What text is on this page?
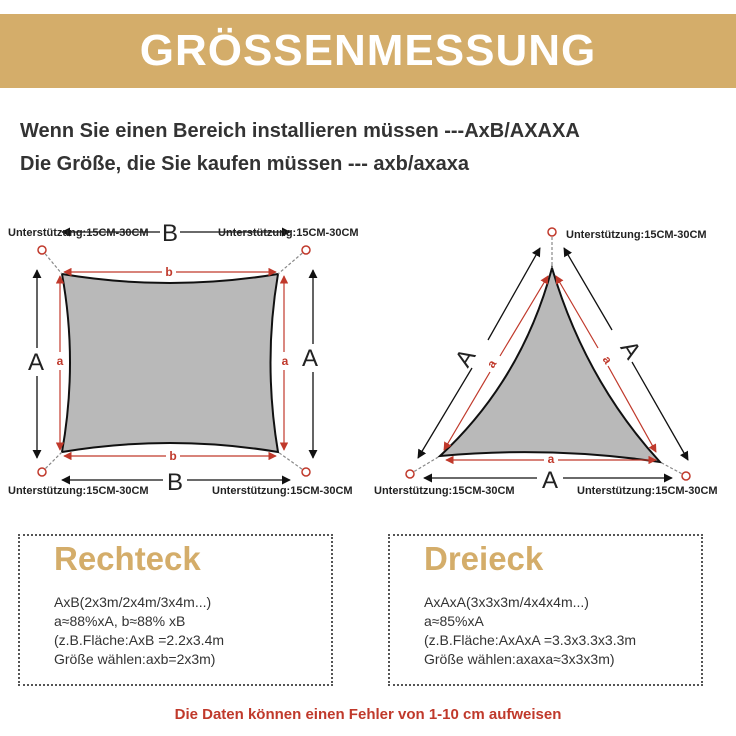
GRÖSSENMESSUNG
Wenn Sie einen Bereich installieren müssen ---AxB/AXAXA
Die Größe, die Sie kaufen müssen --- axb/axaxa
Unterstützung:15CM-30CM	Unterstützung:15CM-30CM
Unterstützung:15CM-30CM	Unterstützung:15CM-30CM
B
B
A	A
b
b
a	a
Unterstützung:15CM-30CM
Unterstützung:15CM-30CM	Unterstützung:15CM-30CM
A	A
A
a	a
a
Rechteck
AxB(2x3m/2x4m/3x4m...)
a≈88%xA, b≈88% xB
(z.B.Fläche:AxB =2.2x3.4m
Größe wählen:axb=2x3m)
Dreieck
AxAxA(3x3x3m/4x4x4m...)
a≈85%xA
(z.B.Fläche:AxAxA =3.3x3.3x3.3m
Größe wählen:axaxa≈3x3x3m)
Die Daten können einen Fehler von 1-10 cm aufweisen
